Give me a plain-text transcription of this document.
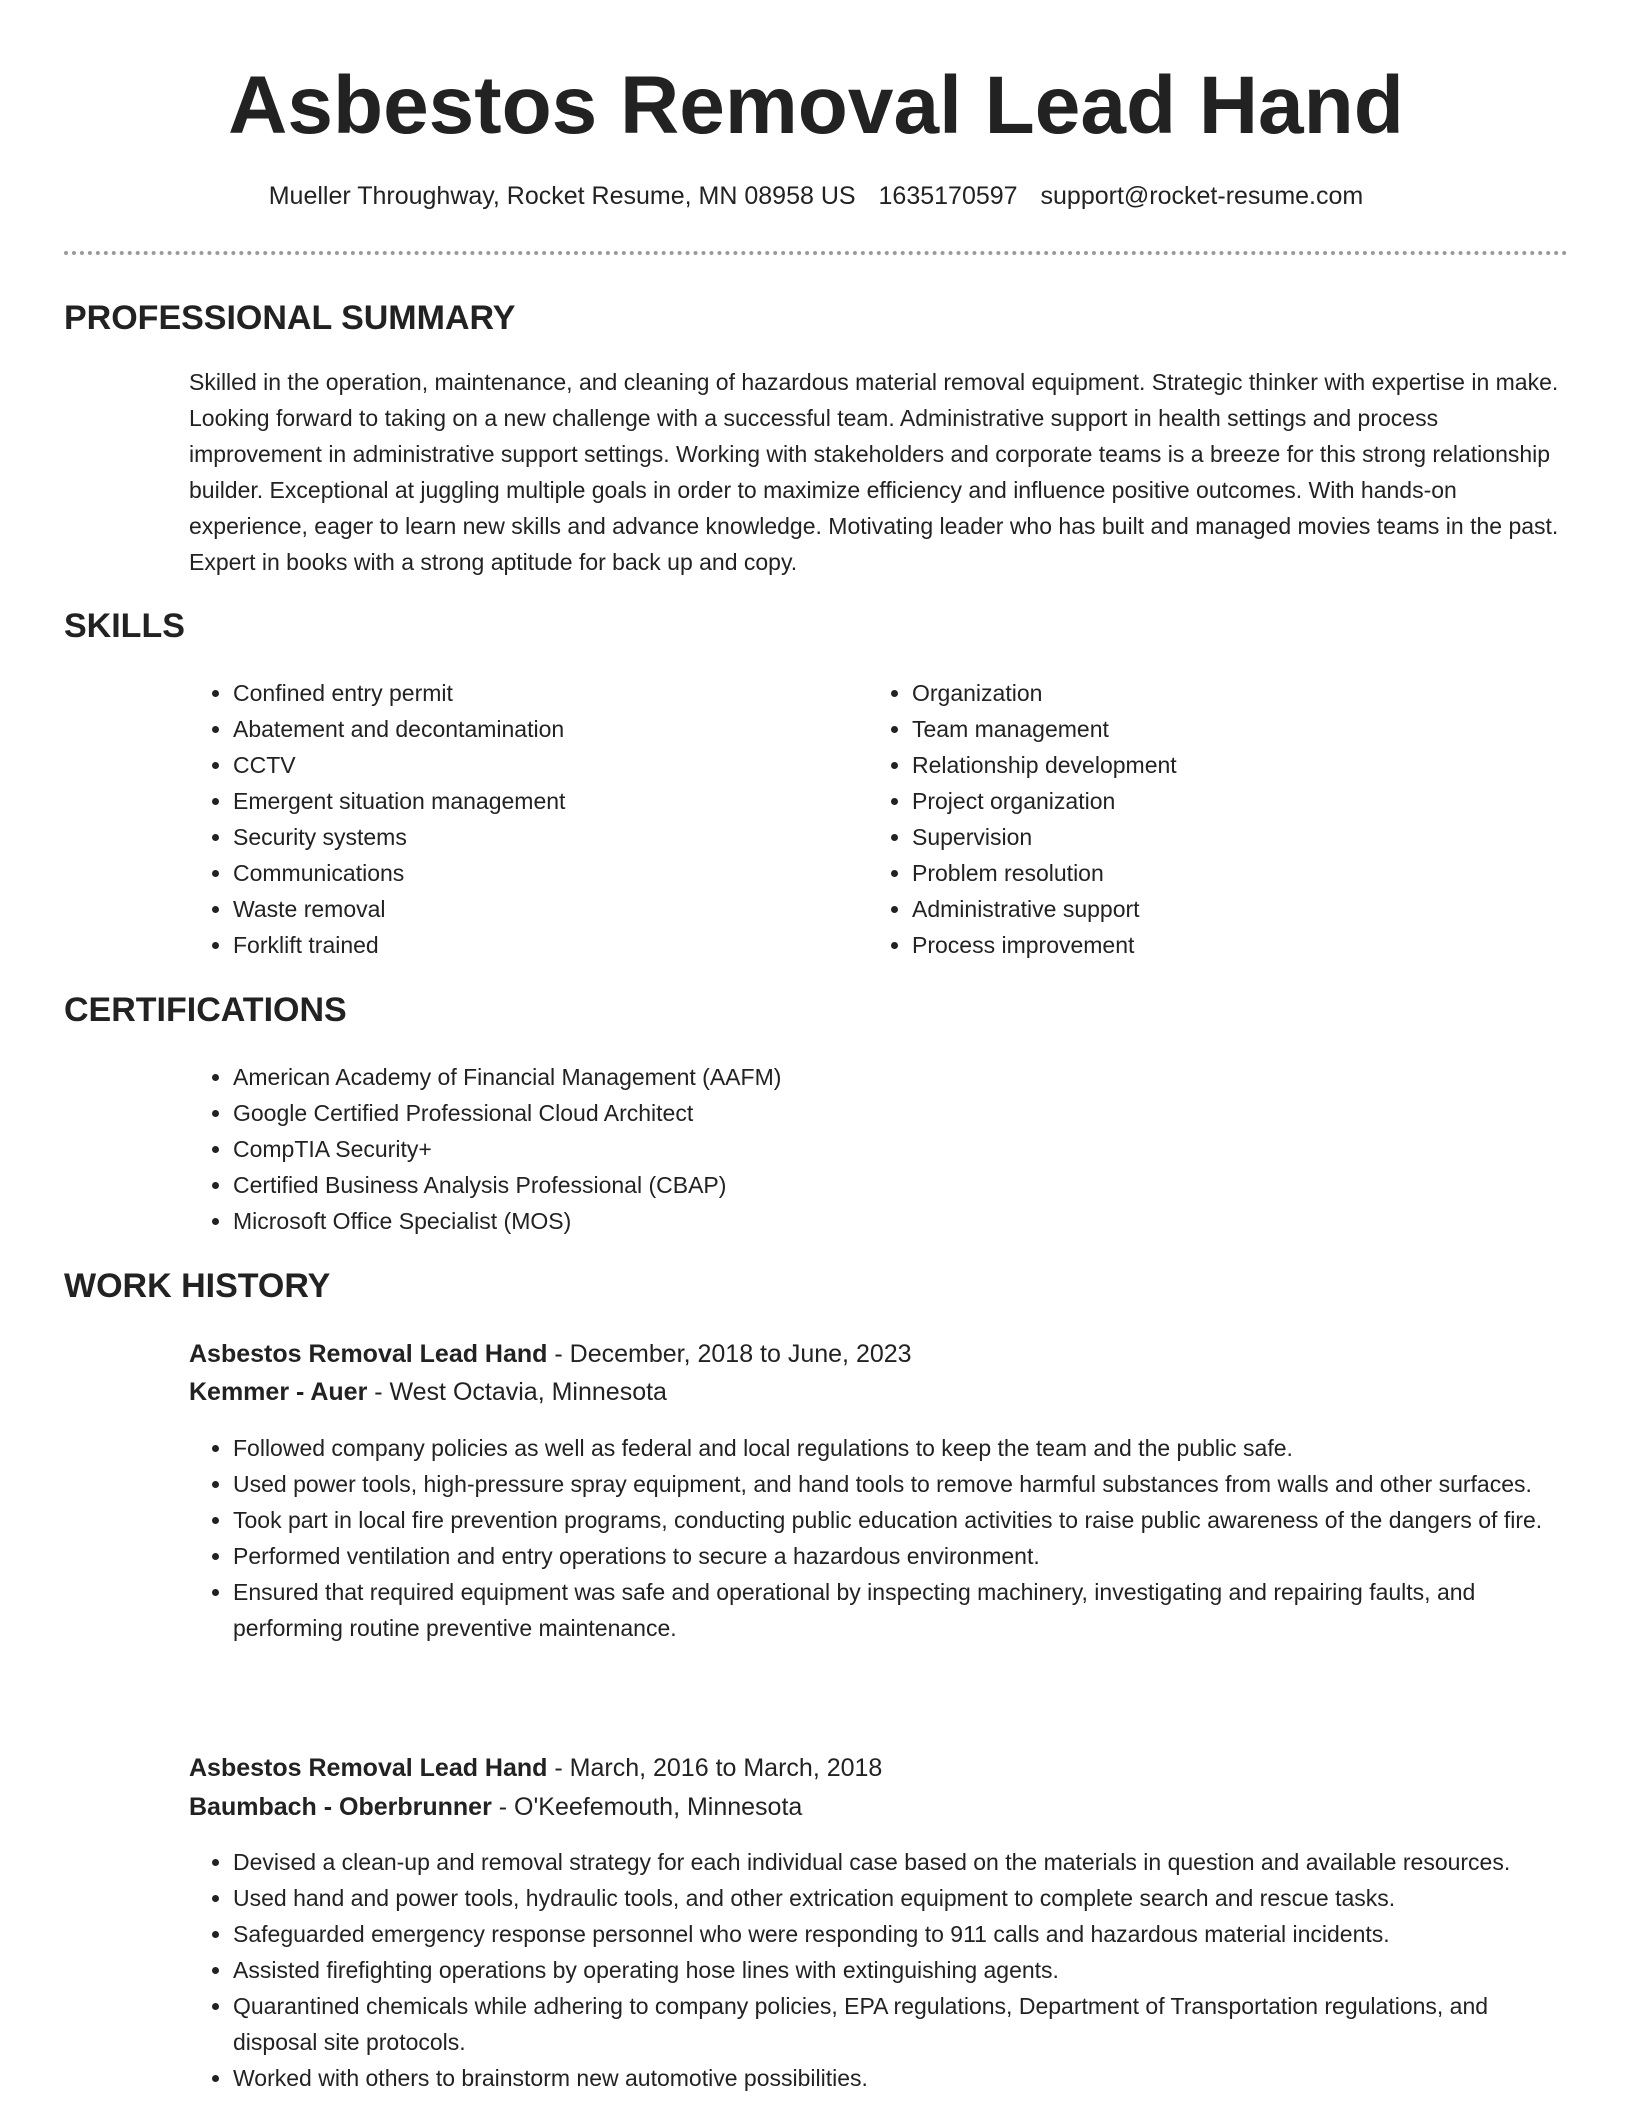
Asbestos Removal Lead Hand
Mueller Throughway, Rocket Resume, MN 08958 US 1635170597 support@rocket-resume.com
PROFESSIONAL SUMMARY

Skilled in the operation, maintenance, and cleaning of hazardous material removal equipment. Strategic thinker with expertise in make. Looking forward to taking on a new challenge with a successful team. Administrative support in health settings and process improvement in administrative support settings. Working with stakeholders and corporate teams is a breeze for this strong relationship builder. Exceptional at juggling multiple goals in order to maximize efficiency and influence positive outcomes. With hands-on experience, eager to learn new skills and advance knowledge. Motivating leader who has built and managed movies teams in the past. Expert in books with a strong aptitude for back up and copy.

SKILLS
• Confined entry permit
• Abatement and decontamination
• CCTV
• Emergent situation management
• Security systems
• Communications
• Waste removal
• Forklift trained
• Organization
• Team management
• Relationship development
• Project organization
• Supervision
• Problem resolution
• Administrative support
• Process improvement
CERTIFICATIONS
• American Academy of Financial Management (AAFM)
• Google Certified Professional Cloud Architect
• CompTIA Security+
• Certified Business Analysis Professional (CBAP)
• Microsoft Office Specialist (MOS)
WORK HISTORY
Asbestos Removal Lead Hand - December, 2018 to June, 2023
Kemmer - Auer - West Octavia, Minnesota
• Followed company policies as well as federal and local regulations to keep the team and the public safe.
• Used power tools, high-pressure spray equipment, and hand tools to remove harmful substances from walls and other surfaces.
• Took part in local fire prevention programs, conducting public education activities to raise public awareness of the dangers of fire.
• Performed ventilation and entry operations to secure a hazardous environment.
• Ensured that required equipment was safe and operational by inspecting machinery, investigating and repairing faults, and performing routine preventive maintenance.
Asbestos Removal Lead Hand - March, 2016 to March, 2018
Baumbach - Oberbrunner - O'Keefemouth, Minnesota
• Devised a clean-up and removal strategy for each individual case based on the materials in question and available resources.
• Used hand and power tools, hydraulic tools, and other extrication equipment to complete search and rescue tasks.
• Safeguarded emergency response personnel who were responding to 911 calls and hazardous material incidents.
• Assisted firefighting operations by operating hose lines with extinguishing agents.
• Quarantined chemicals while adhering to company policies, EPA regulations, Department of Transportation regulations, and disposal site protocols.
• Worked with others to brainstorm new automotive possibilities.
